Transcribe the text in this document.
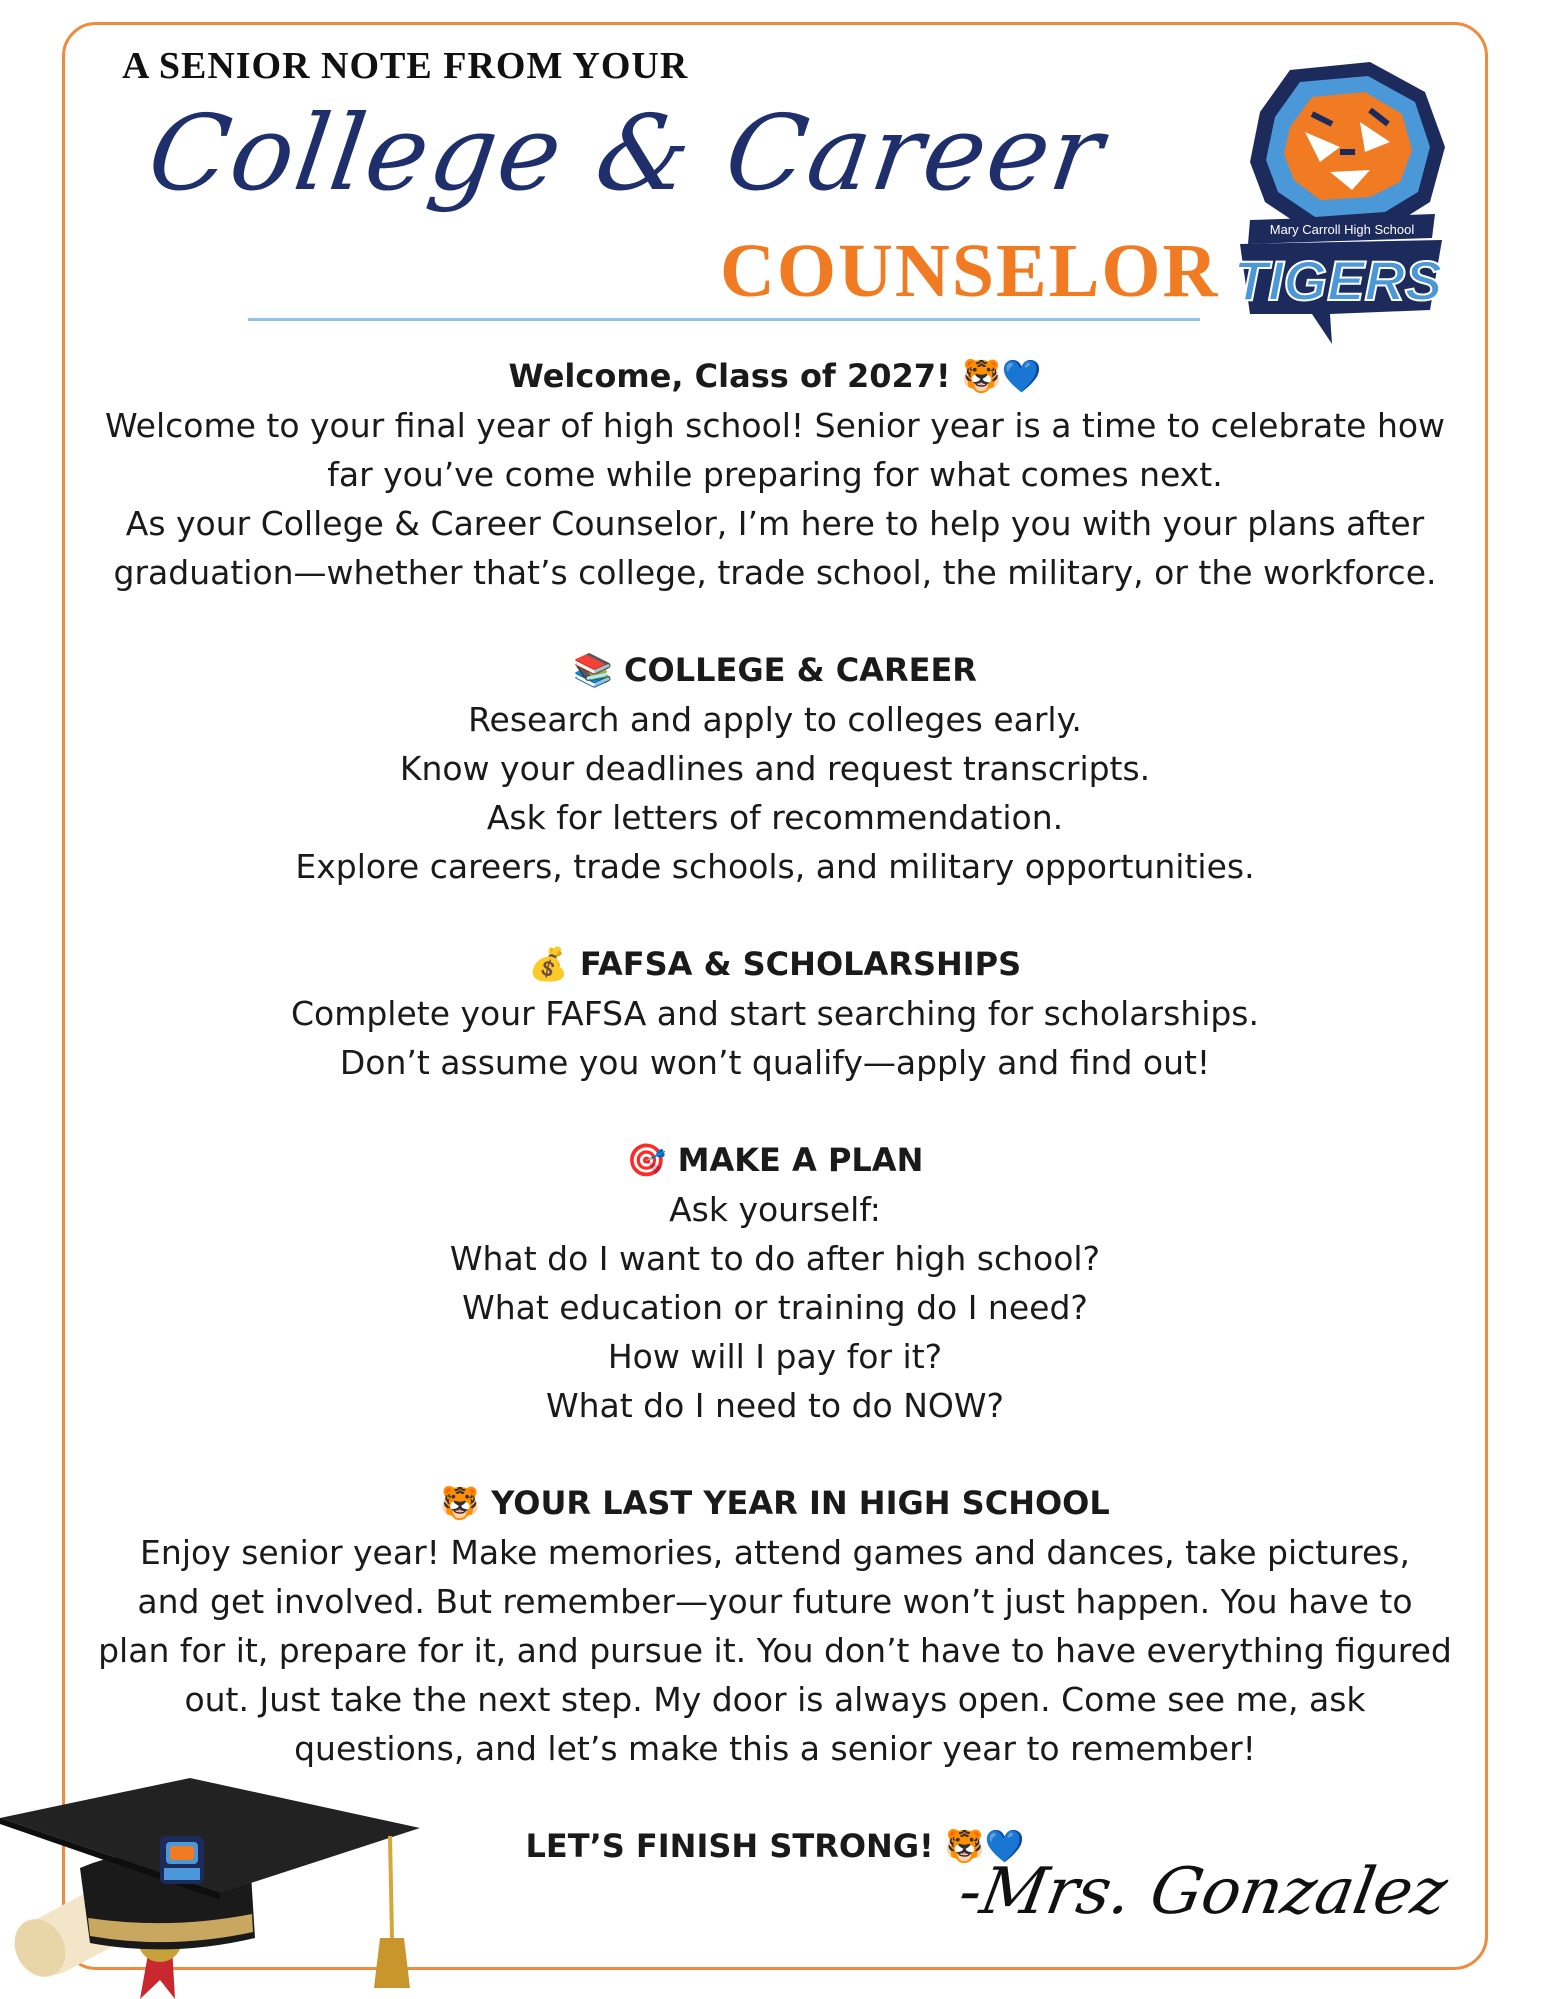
A SENIOR NOTE FROM YOUR
College & Career
COUNSELOR	Mary Carroll High School
TIGERS

Welcome, Class of 2027! 🐯💙

Welcome to your final year of high school! Senior year is a time to celebrate how

far you’ve come while preparing for what comes next.

As your College & Career Counselor, I’m here to help you with your plans after

graduation—whether that’s college, trade school, the military, or the workforce.

📚 COLLEGE & CAREER

Research and apply to colleges early.

Know your deadlines and request transcripts.

Ask for letters of recommendation.

Explore careers, trade schools, and military opportunities.

💰 FAFSA & SCHOLARSHIPS

Complete your FAFSA and start searching for scholarships.

Don’t assume you won’t qualify—apply and find out!

🎯 MAKE A PLAN

Ask yourself:

What do I want to do after high school?

What education or training do I need?

How will I pay for it?

What do I need to do NOW?

🐯 YOUR LAST YEAR IN HIGH SCHOOL

Enjoy senior year! Make memories, attend games and dances, take pictures,

and get involved. But remember—your future won’t just happen. You have to

plan for it, prepare for it, and pursue it. You don’t have to have everything figured

out. Just take the next step. My door is always open. Come see me, ask

questions, and let’s make this a senior year to remember!

LET’S FINISH STRONG! 🐯💙

-Mrs. Gonzalez
